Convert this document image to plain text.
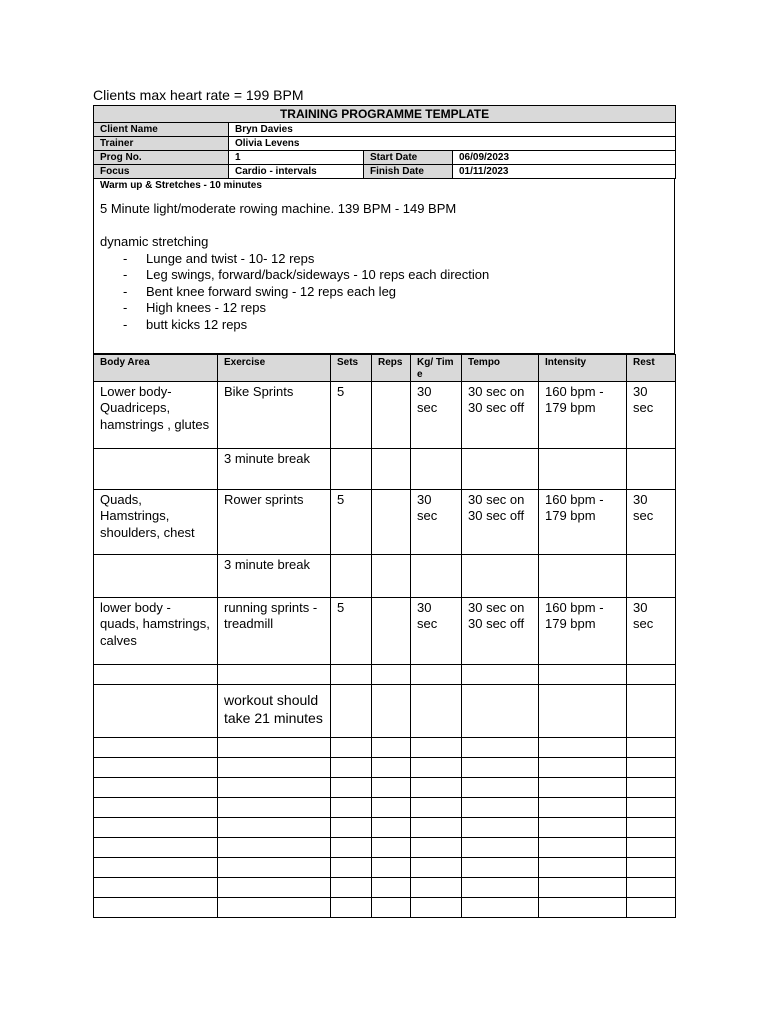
Clients max heart rate = 199 BPM
TRAINING PROGRAMME TEMPLATE			
Client Name	Bryn Davies		
Trainer	Olivia Levens		
Prog No.	1	Start Date	06/09/2023
Focus	Cardio - intervals	Finish Date	01/11/2023
Warm up & Stretches - 10 minutes

5 Minute light/moderate rowing machine. 139 BPM - 149 BPM

dynamic stretching

- Lunge and twist - 10- 12 reps
- Leg swings, forward/back/sideways - 10 reps each direction
- Bent knee forward swing - 12 reps each leg
- High knees - 12 reps
- butt kicks 12 reps
Body Area	Exercise	Sets	Reps	Kg/ Time	Tempo	Intensity	Rest
Lower body- Quadriceps, hamstrings , glutes	Bike Sprints	5		30 sec	30 sec on 30 sec off	160 bpm - 179 bpm	30 sec
	3 minute break						
Quads, Hamstrings, shoulders, chest	Rower sprints	5		30 sec	30 sec on 30 sec off	160 bpm - 179 bpm	30 sec
	3 minute break						
lower body - quads, hamstrings, calves	running sprints - treadmill	5		30 sec	30 sec on 30 sec off	160 bpm - 179 bpm	30 sec

	workout should take 21 minutes						
